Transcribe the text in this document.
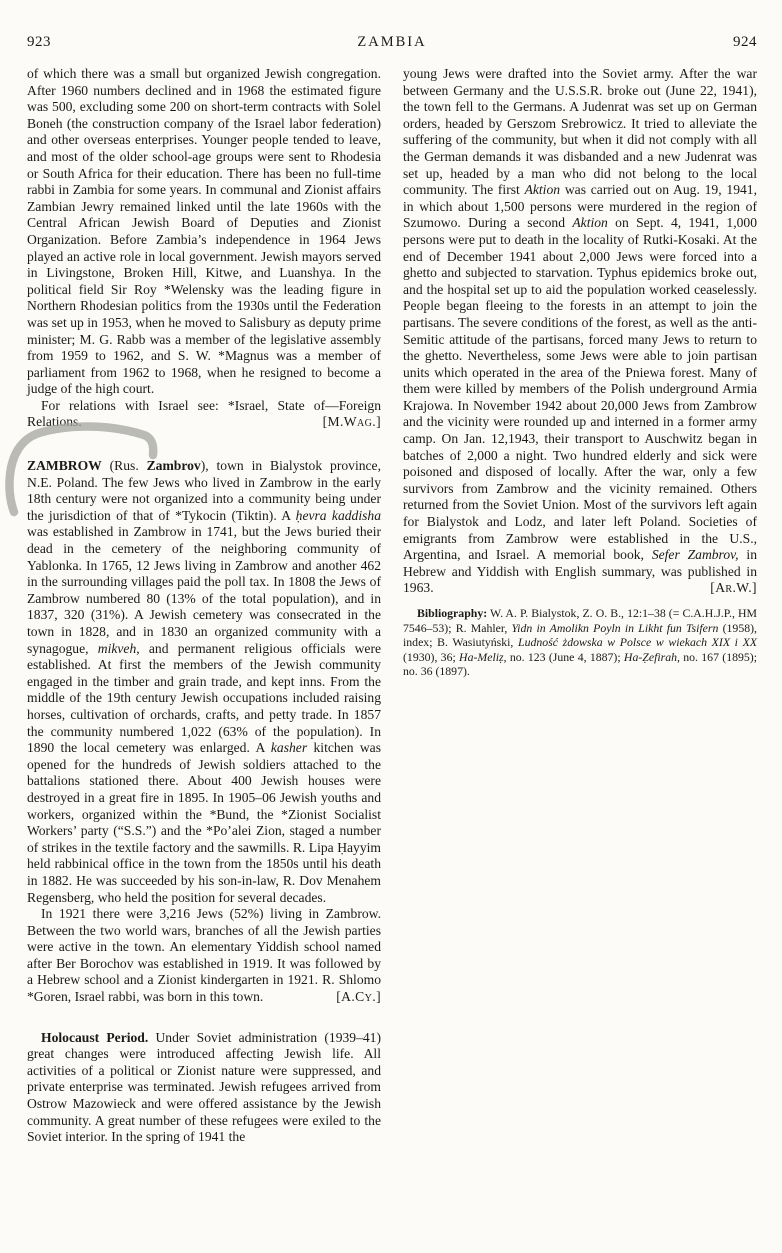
923	ZAMBIA	924

of which there was a small but organized Jewish congregation. After 1960 numbers declined and in 1968 the estimated figure was 500, excluding some 200 on short-term contracts with Solel Boneh (the construction company of the Israel labor federation) and other overseas enterprises. Younger people tended to leave, and most of the older school-age groups were sent to Rhodesia or South Africa for their education. There has been no full-time rabbi in Zambia for some years. In communal and Zionist affairs Zambian Jewry remained linked until the late 1960s with the Central African Jewish Board of Deputies and Zionist Organization. Before Zambia’s independence in 1964 Jews played an active role in local government. Jewish mayors served in Livingstone, Broken Hill, Kitwe, and Luanshya. In the political field Sir Roy *Welensky was the leading figure in Northern Rhodesian politics from the 1930s until the Federation was set up in 1953, when he moved to Salisbury as deputy prime minister; M. G. Rabb was a member of the legislative assembly from 1959 to 1962, and S. W. *Magnus was a member of parliament from 1962 to 1968, when he resigned to become a judge of the high court.

For relations with Israel see: *Israel, State of—Foreign Relations.	[M.Wag.]

ZAMBROW (Rus. Zambrov), town in Bialystok province, N.E. Poland. The few Jews who lived in Zambrow in the early 18th century were not organized into a community being under the jurisdiction of that of *Tykocin (Tiktin). A ḥevra kaddisha was established in Zambrow in 1741, but the Jews buried their dead in the cemetery of the neighboring community of Yablonka. In 1765, 12 Jews living in Zambrow and another 462 in the surrounding villages paid the poll tax. In 1808 the Jews of Zambrow numbered 80 (13% of the total population), and in 1837, 320 (31%). A Jewish cemetery was consecrated in the town in 1828, and in 1830 an organized community with a synagogue, mikveh, and permanent religious officials were established. At first the members of the Jewish community engaged in the timber and grain trade, and kept inns. From the middle of the 19th century Jewish occupations included raising horses, cultivation of orchards, crafts, and petty trade. In 1857 the community numbered 1,022 (63% of the population). In 1890 the local cemetery was enlarged. A kasher kitchen was opened for the hundreds of Jewish soldiers attached to the battalions stationed there. About 400 Jewish houses were destroyed in a great fire in 1895. In 1905–06 Jewish youths and workers, organized within the *Bund, the *Zionist Socialist Workers’ party (“S.S.”) and the *Po’alei Zion, staged a number of strikes in the textile factory and the sawmills. R. Lipa Ḥayyim held rabbinical office in the town from the 1850s until his death in 1882. He was succeeded by his son-in-law, R. Dov Menahem Regensberg, who held the position for several decades.

In 1921 there were 3,216 Jews (52%) living in Zambrow. Between the two world wars, branches of all the Jewish parties were active in the town. An elementary Yiddish school named after Ber Borochov was established in 1919. It was followed by a Hebrew school and a Zionist kindergarten in 1921. R. Shlomo *Goren, Israel rabbi, was born in this town.	[A.Cy.]

Holocaust Period. Under Soviet administration (1939–41) great changes were introduced affecting Jewish life. All activities of a political or Zionist nature were suppressed, and private enterprise was terminated. Jewish refugees arrived from Ostrow Mazowieck and were offered assistance by the Jewish community. A great number of these refugees were exiled to the Soviet interior. In the spring of 1941 the

young Jews were drafted into the Soviet army. After the war between Germany and the U.S.S.R. broke out (June 22, 1941), the town fell to the Germans. A Judenrat was set up on German orders, headed by Gerszom Srebrowicz. It tried to alleviate the suffering of the community, but when it did not comply with all the German demands it was disbanded and a new Judenrat was set up, headed by a man who did not belong to the local community. The first Aktion was carried out on Aug. 19, 1941, in which about 1,500 persons were murdered in the region of Szumowo. During a second Aktion on Sept. 4, 1941, 1,000 persons were put to death in the locality of Rutki-Kosaki. At the end of December 1941 about 2,000 Jews were forced into a ghetto and subjected to starvation. Typhus epidemics broke out, and the hospital set up to aid the population worked ceaselessly. People began fleeing to the forests in an attempt to join the partisans. The severe conditions of the forest, as well as the anti-Semitic attitude of the partisans, forced many Jews to return to the ghetto. Nevertheless, some Jews were able to join partisan units which operated in the area of the Pniewa forest. Many of them were killed by members of the Polish underground Armia Krajowa. In November 1942 about 20,000 Jews from Zambrow and the vicinity were rounded up and interned in a former army camp. On Jan. 12,1943, their transport to Auschwitz began in batches of 2,000 a night. Two hundred elderly and sick were poisoned and disposed of locally. After the war, only a few survivors from Zambrow and the vicinity remained. Others returned from the Soviet Union. Most of the survivors left again for Bialystok and Lodz, and later left Poland. Societies of emigrants from Zambrow were established in the U.S., Argentina, and Israel. A memorial book, Sefer Zambrov, in Hebrew and Yiddish with English summary, was published in 1963.	[Ar.W.]

Bibliography: W. A. P. Bialystok, Z. O. B., 12:1–38 (= C.A.H.J.P., HM 7546–53); R. Mahler, Yidn in Amolikn Poyln in Likht fun Tsifern (1958), index; B. Wasiutyński, Ludność żdowska w Polsce w wiekach XIX i XX (1930), 36; Ha-Meliẓ, no. 123 (June 4, 1887); Ha-Ẓefirah, no. 167 (1895); no. 36 (1897).
